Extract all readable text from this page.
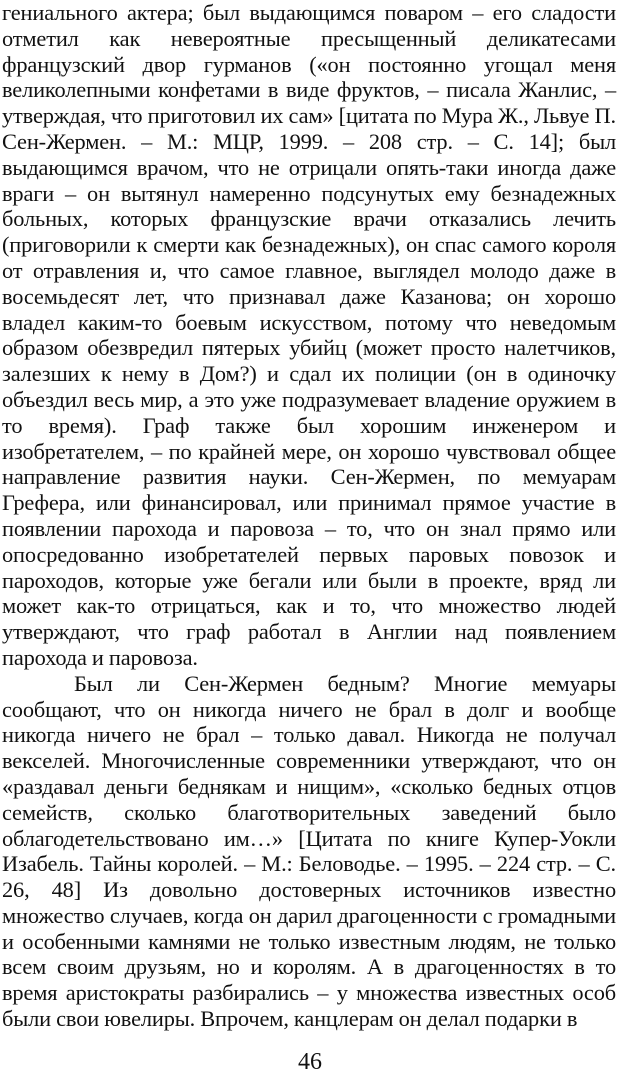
гениального актера; был выдающимся поваром – его сладости отметил как невероятные пресыщенный деликатесами французский двор гурманов («он постоянно угощал меня великолепными конфетами в виде фруктов, – писала Жанлис, – утверждая, что приготовил их сам» [цитата по Мура Ж., Львуе П. Сен-Жермен. – М.: МЦР, 1999. – 208 стр. – С. 14]; был выдающимся врачом, что не отрицали опять-таки иногда даже враги – он вытянул намеренно подсунутых ему безнадежных больных, которых французские врачи отказались лечить (приговорили к смерти как безнадежных), он спас самого короля от отравления и, что самое главное, выглядел молодо даже в восемьдесят лет, что признавал даже Казанова; он хорошо владел каким-то боевым искусством, потому что неведомым образом обезвредил пятерых убийц (может просто налетчиков, залезших к нему в Дом?) и сдал их полиции (он в одиночку объездил весь мир, а это уже подразумевает владение оружием в то время). Граф также был хорошим инженером и изобретателем, – по крайней мере, он хорошо чувствовал общее направление развития науки. Сен-Жермен, по мемуарам Грефера, или финансировал, или принимал прямое участие в появлении парохода и паровоза – то, что он знал прямо или опосредованно изобретателей первых паровых повозок и пароходов, которые уже бегали или были в проекте, вряд ли может как-то отрицаться, как и то, что множество людей утверждают, что граф работал в Англии над появлением парохода и паровоза.

Был ли Сен-Жермен бедным? Многие мемуары сообщают, что он никогда ничего не брал в долг и вообще никогда ничего не брал – только давал. Никогда не получал векселей. Многочисленные современники утверждают, что он «раздавал деньги беднякам и нищим», «сколько бедных отцов семейств, сколько благотворительных заведений было облагодетельствовано им…» [Цитата по книге Купер-Уокли Изабель. Тайны королей. – М.: Беловодье. – 1995. – 224 стр. – С. 26, 48] Из довольно достоверных источников известно множество случаев, когда он дарил драгоценности с громадными и особенными камнями не только известным людям, не только всем своим друзьям, но и королям. А в драгоценностях в то время аристократы разбирались – у множества известных особ были свои ювелиры. Впрочем, канцлерам он делал подарки в

46
